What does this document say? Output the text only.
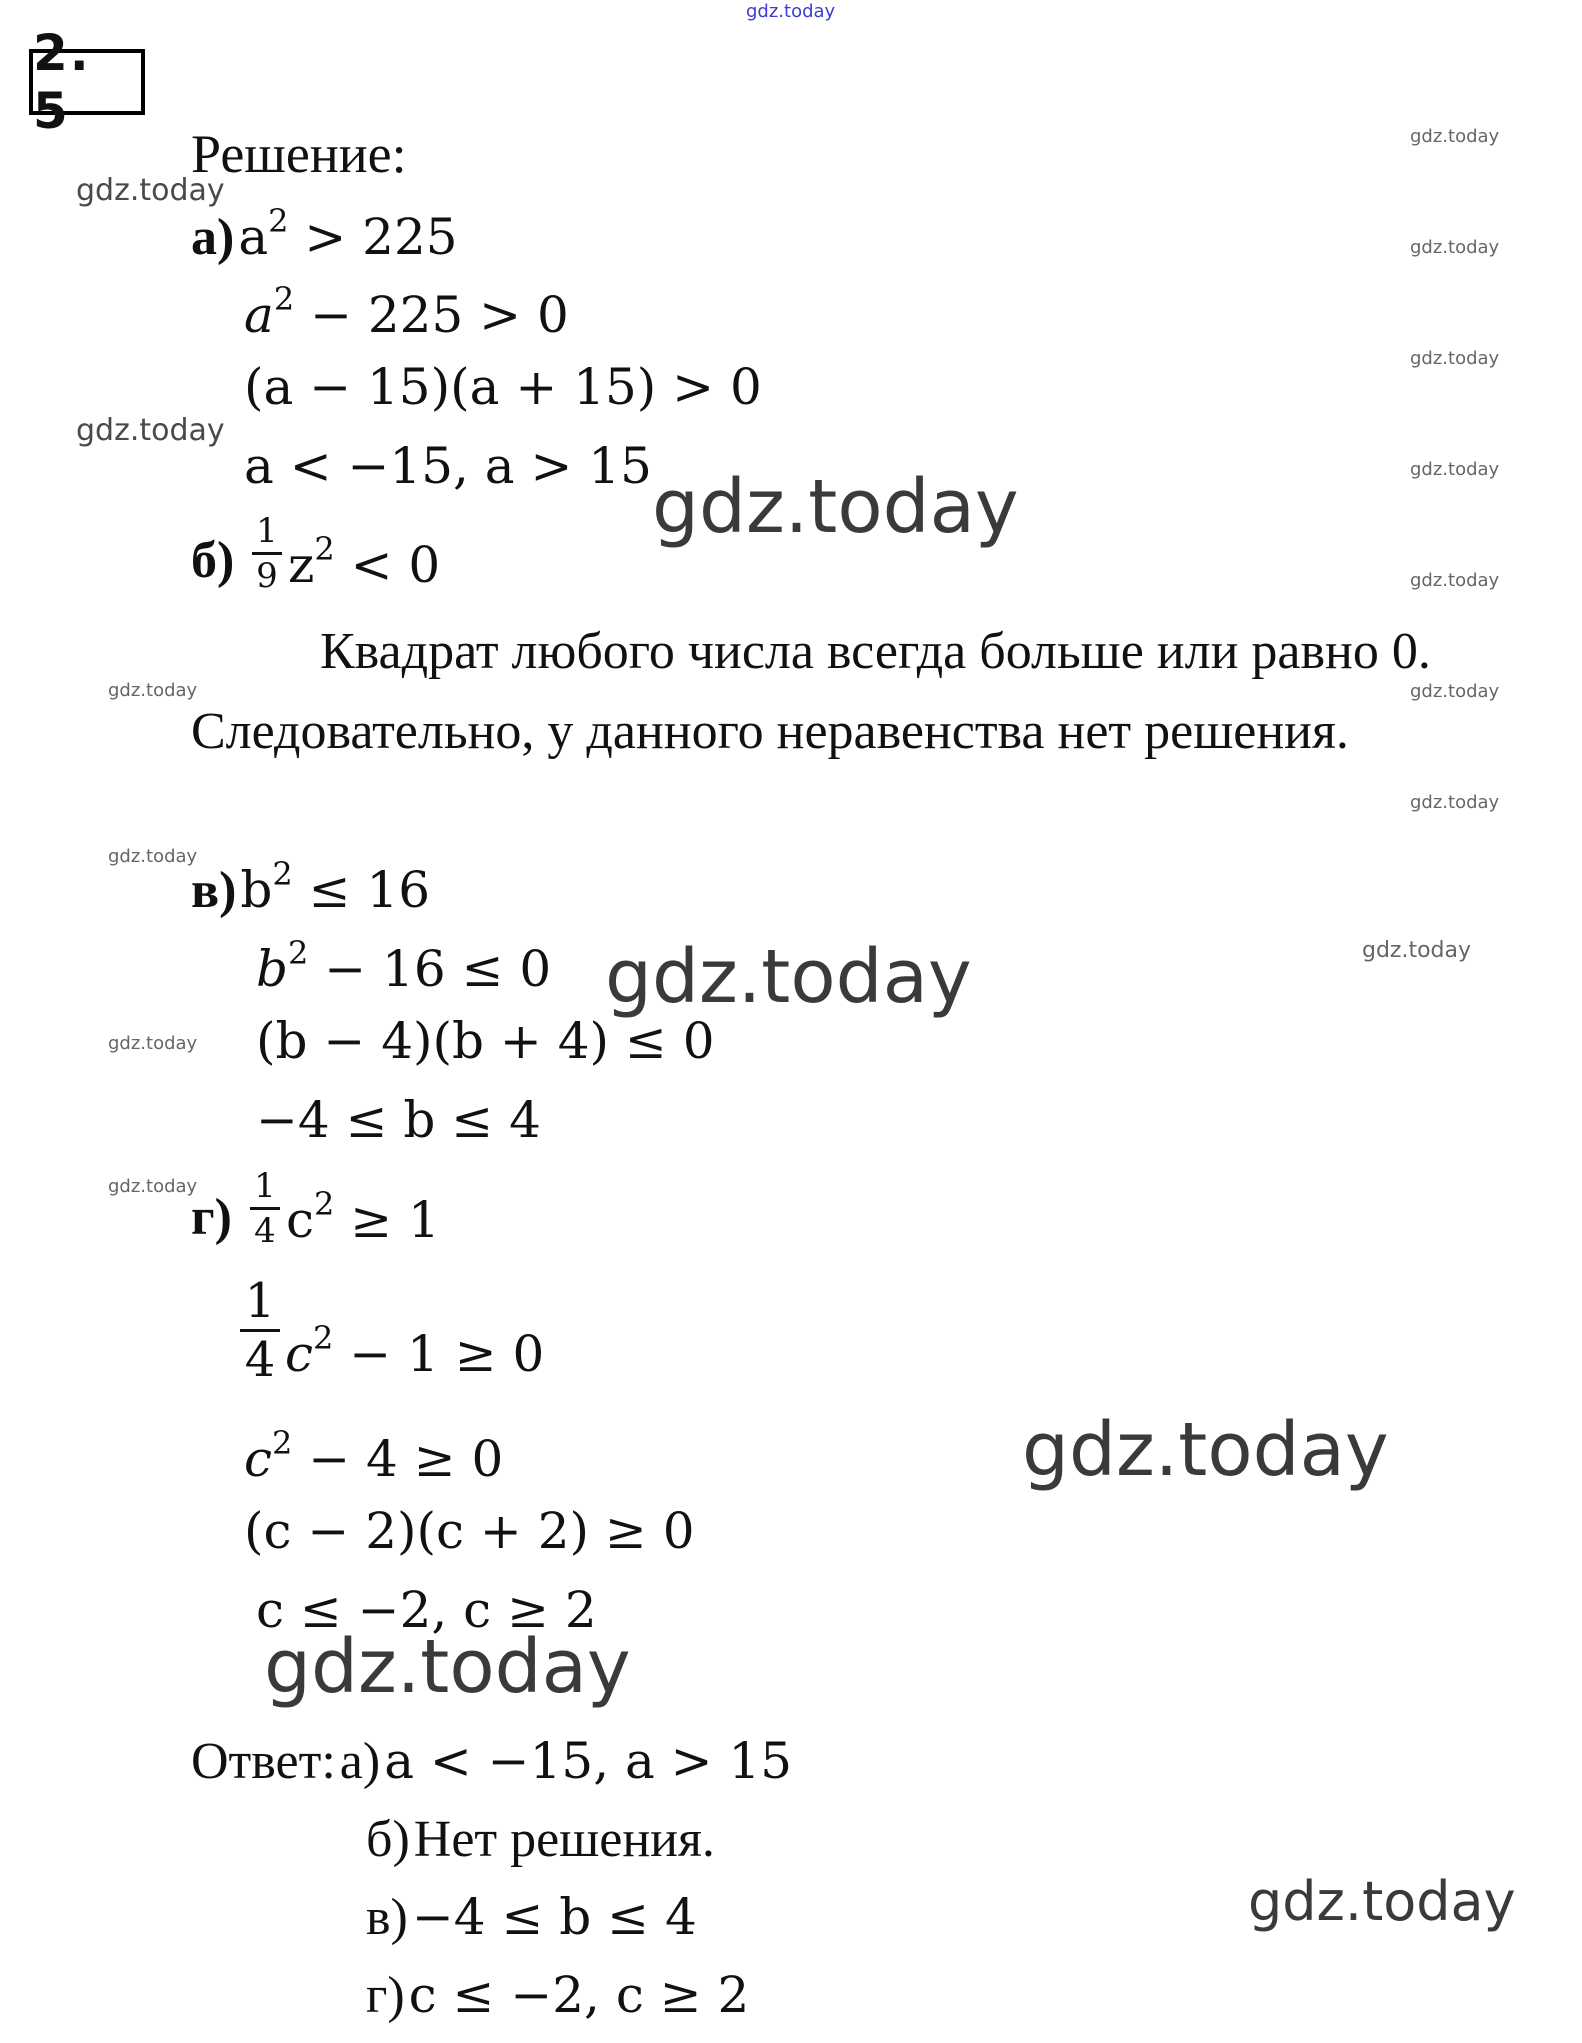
gdz.today
2. 5
Решение:
а) $a^2 > 225$
$a^2 - 225 > 0$
(a − 15)(a + 15) > 0
a < −15, a > 15
б)
1
9 $z^2 < 0$
Квадрат любого числа всегда больше или равно 0.
Следовательно, у данного неравенства нет решения.
в) $b^2 \le 16$
$b^2 - 16 \le 0$
(b − 4)(b + 4) ≤ 0
−4 ≤ b ≤ 4
г)
1
4 $c^2 \ge 1$
1
4 $c^2 - 1 \ge 0$
$c^2 - 4 \ge 0$
(c − 2)(c + 2) ≥ 0
c ≤ −2, c ≥ 2
Ответ: а) a < −15, a > 15
б) Нет решения.
в) −4 ≤ b ≤ 4
г) c ≤ −2, c ≥ 2
gdz.today
gdz.today
gdz.today
gdz.today
gdz.today
gdz.today
gdz.today
gdz.today
gdz.today
gdz.today
gdz.today
gdz.today
gdz.today
gdz.today
gdz.today
gdz.today
gdz.today
gdz.today
gdz.today
